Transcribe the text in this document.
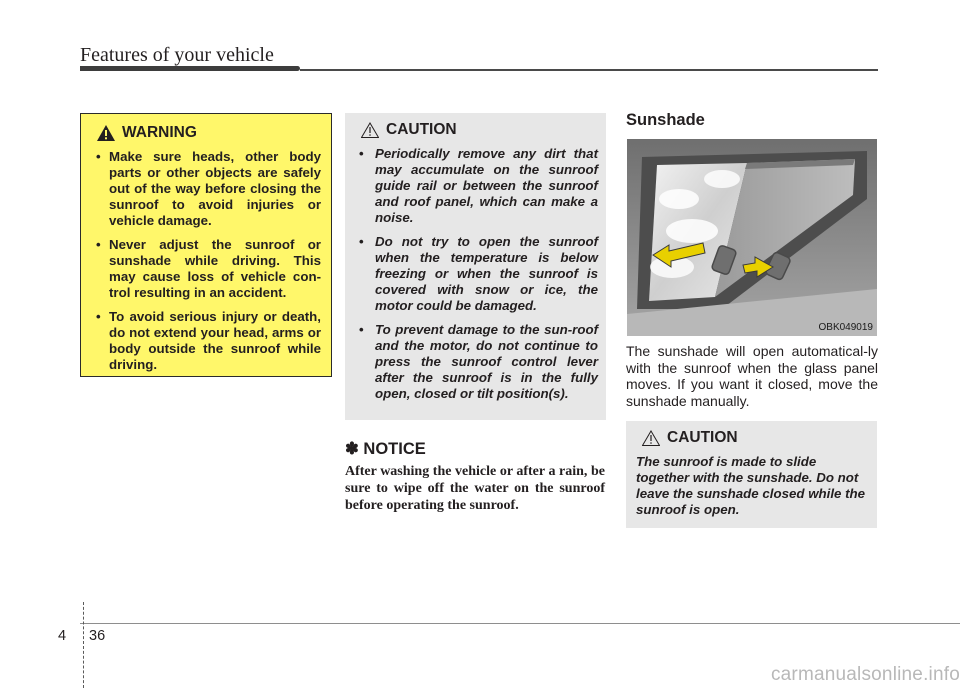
Features of your vehicle
WARNING
• Make sure heads, other body parts or other objects are safely out of the way before closing the sunroof to avoid injuries or vehicle damage.
• Never adjust the sunroof or sunshade while driving. This may cause loss of vehicle con-trol resulting in an accident.
• To avoid serious injury or death, do not extend your head, arms or body outside the sunroof while driving.
CAUTION
• Periodically remove any dirt that may accumulate on the sunroof guide rail or between the sunroof and roof panel, which can make a noise.
• Do not try to open the sunroof when the temperature is below freezing or when the sunroof is covered with snow or ice, the motor could be damaged.
• To prevent damage to the sun-roof and the motor, do not continue to press the sunroof control lever after the sunroof is in the fully open, closed or tilt position(s).
✽ NOTICE
After washing the vehicle or after a rain, be sure to wipe off the water on the sunroof before operating the sunroof.
Sunshade
OBK049019
The sunshade will open automatical-ly with the sunroof when the glass panel moves. If you want it closed, move the sunshade manually.
CAUTION
The sunroof is made to slide together with the sunshade. Do not leave the sunshade closed while the sunroof is open.
4 36
carmanualsonline.info
